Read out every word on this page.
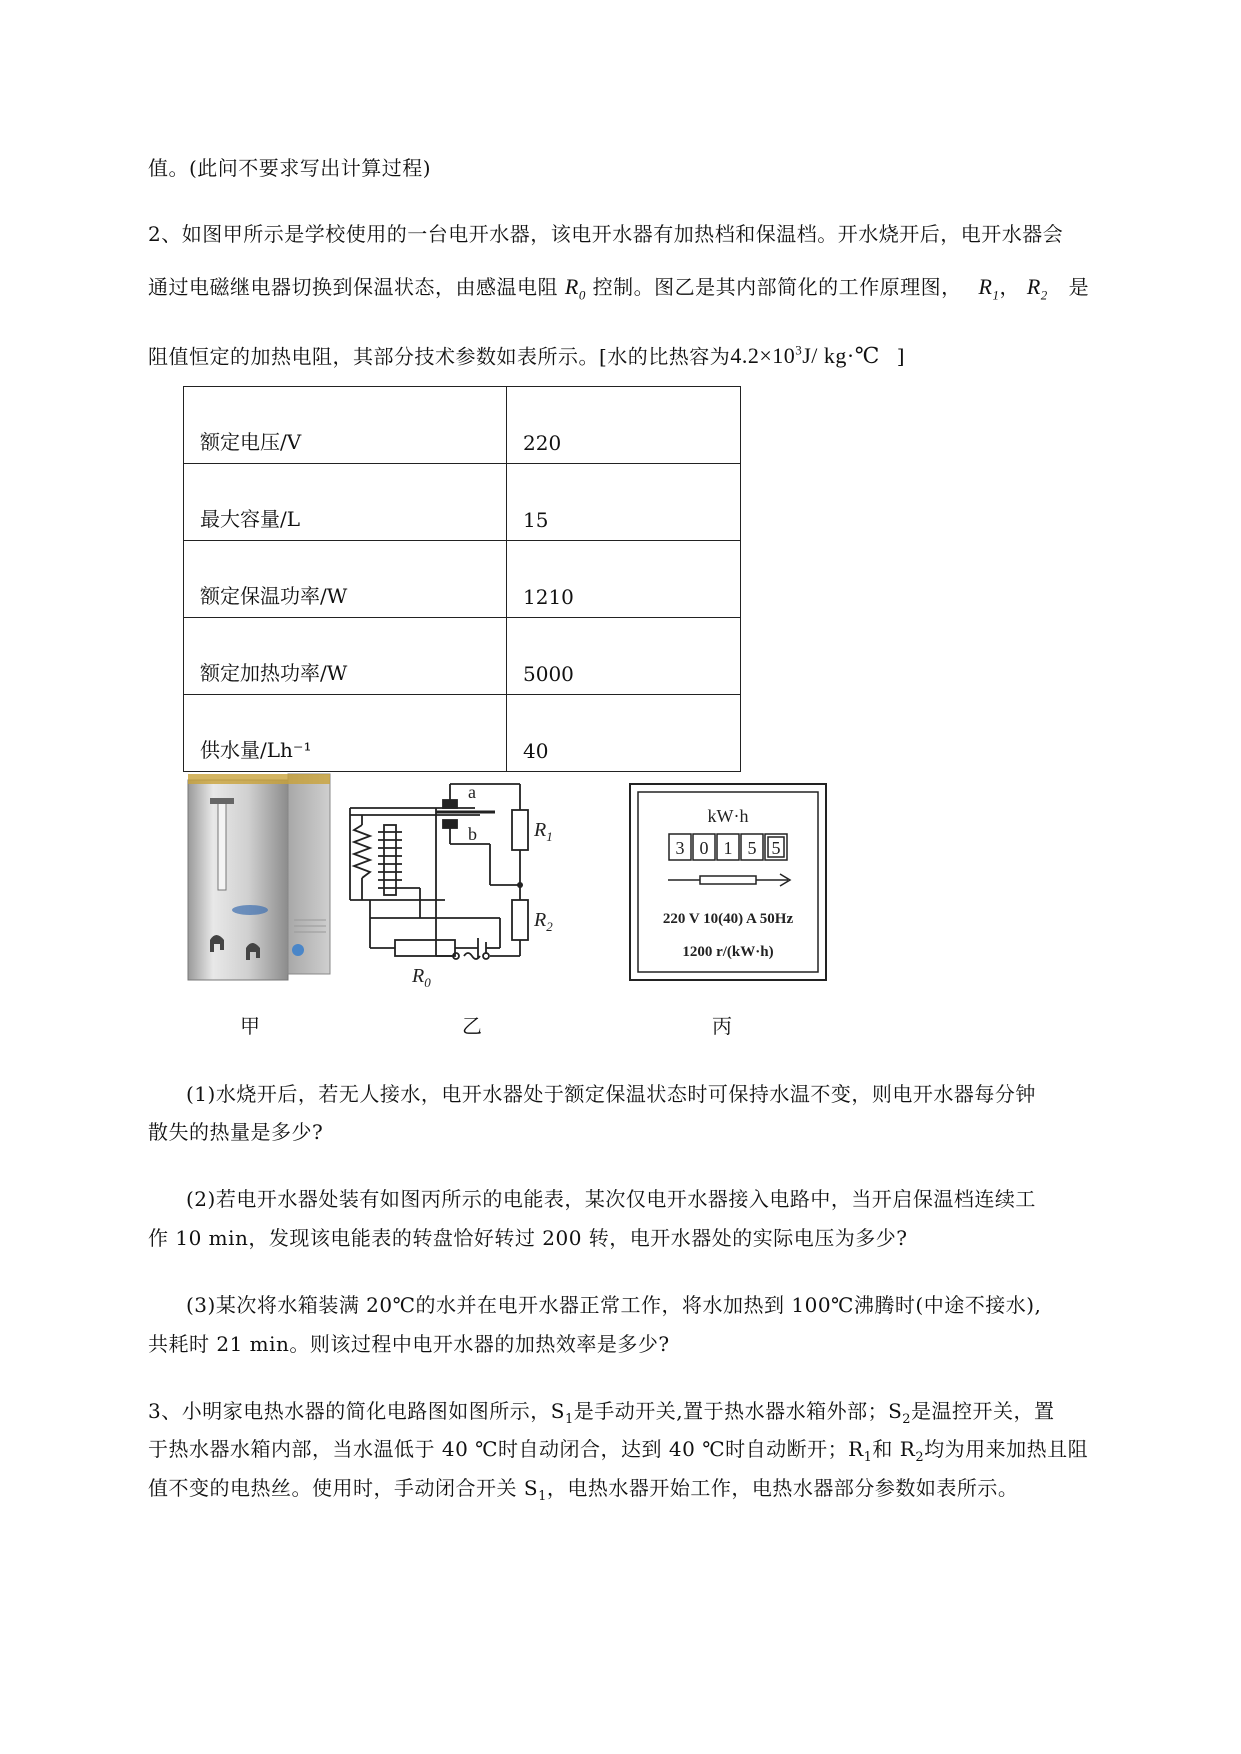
值。(此问不要求写出计算过程)
2、如图甲所示是学校使用的一台电开水器，该电开水器有加热档和保温档。开水烧开后，电开水器会
通过电磁继电器切换到保温状态，由感温电阻 $R_0$ 控制。图乙是其内部简化的工作原理图， $R_1$， $R_2$ 是
阻值恒定的加热电阻，其部分技术参数如表所示。[水的比热容为$4.2\times 10^3J/$ kg·℃ ]
额定电压/V	220
最大容量/L	15
额定保温功率/W	1210
额定加热功率/W	5000
供水量/Lh⁻¹	40
a
b	$R_1$
$R_2$
$R_0$
kW·h
3 0 1 5 5
220 V 10(40) A 50Hz
1200 r/(kW·h)
甲	乙	丙
(1)水烧开后，若无人接水，电开水器处于额定保温状态时可保持水温不变，则电开水器每分钟
散失的热量是多少?
(2)若电开水器处装有如图丙所示的电能表，某次仅电开水器接入电路中，当开启保温档连续工
作 10 min，发现该电能表的转盘恰好转过 200 转，电开水器处的实际电压为多少?
(3)某次将水箱装满 20℃的水并在电开水器正常工作，将水加热到 100℃沸腾时(中途不接水),
共耗时 21 min。则该过程中电开水器的加热效率是多少?
3、小明家电热水器的简化电路图如图所示，$S_1$是手动开关,置于热水器水箱外部；$S_2$是温控开关，置
于热水器水箱内部，当水温低于 40 ℃时自动闭合，达到 40 ℃时自动断开；$R_1$和 $R_2$均为用来加热且阻
值不变的电热丝。使用时，手动闭合开关 $S_1$，电热水器开始工作，电热水器部分参数如表所示。
